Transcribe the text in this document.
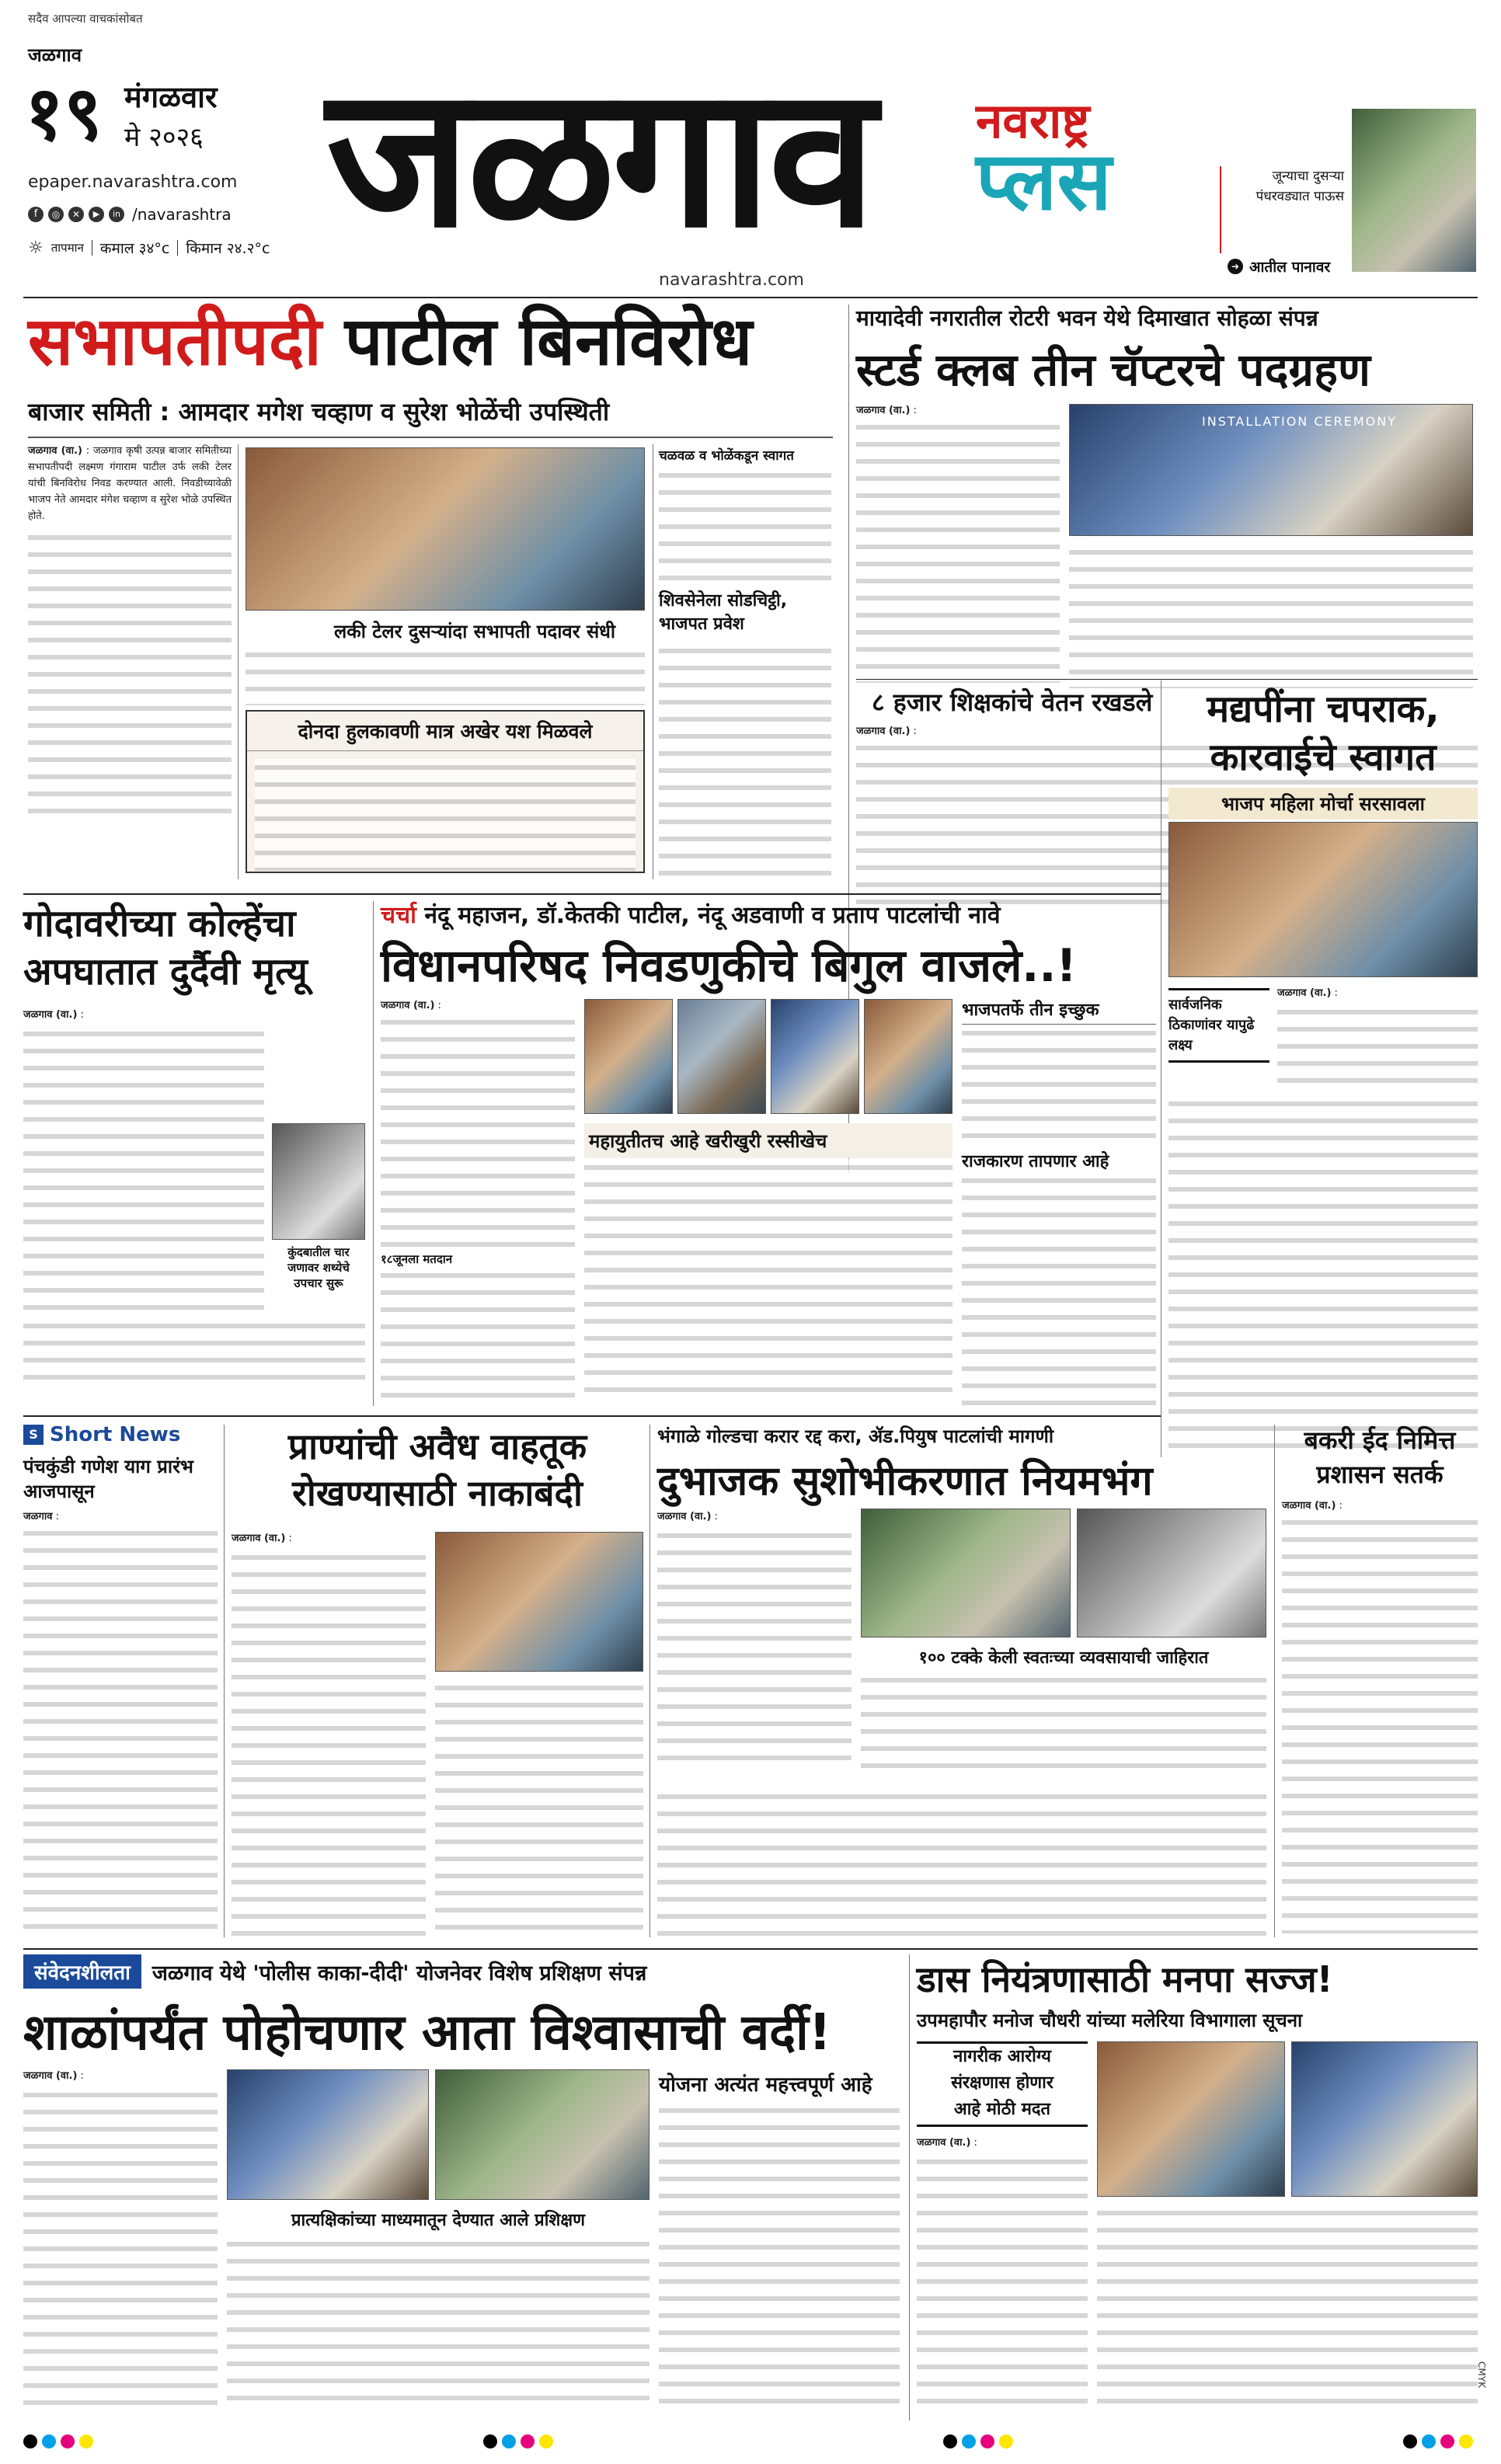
सदैव आपल्या वाचकांसोबत
जळगाव
१९ मंगळवार
मे २०२६
epaper.navarashtra.com
f	◎	✕	▶	in /navarashtra
☼ तापमान कमाल ३४°c किमान २४.२°c जळगाव नवराष्ट्र
प्लस
navarashtra.com
जून्याचा दुसऱ्या पंधरवड्यात पाऊस
➜ आतील पानावर
सभापतीपदी पाटील बिनविरोध
बाजार समिती : आमदार मगेश चव्हाण व सुरेश भोळेंची उपस्थिती

जळगाव (वा.) : जळगाव कृषी उत्पन्न बाजार समितीच्या सभापतीपदी लक्ष्मण गंगाराम पाटील उर्फ लकी टेलर यांची बिनविरोध निवड करण्यात आली. निवडीच्यावेळी भाजप नेते आमदार मंगेश चव्हाण व सुरेश भोळे उपस्थित होते.

लकी टेलर दुसऱ्यांदा सभापती पदावर संधी
दोनदा हुलकावणी मात्र अखेर यश मिळवले
चळवळ व भोळेंकडून स्वागत
शिवसेनेला सोडचिट्ठी, भाजपत प्रवेश
मायादेवी नगरातील रोटरी भवन येथे दिमाखात सोहळा संपन्न
स्टर्ड क्लब तीन चॅप्टरचे पदग्रहण

जळगाव (वा.) :

INSTALLATION CEREMONY
८ हजार शिक्षकांचे वेतन रखडले

जळगाव (वा.) :

मद्यपींना चपराक,
कारवाईचे स्वागत
भाजप महिला मोर्चा सरसावला
सार्वजनिक ठिकाणांवर यापुढे लक्ष्य

जळगाव (वा.) :

गोदावरीच्या कोल्हेंचा
अपघातात दुर्दैवी मृत्यू

जळगाव (वा.) :

कुंदबातील चार
जणावर शथ्येचे
उपचार सुरू
चर्चा नंदू महाजन, डॉ.केतकी पाटील, नंदू अडवाणी व प्रताप पाटलांची नावे
विधानपरिषद निवडणुकीचे बिगुल वाजले..!

जळगाव (वा.) :

१८जूनला मतदान
महायुतीतच आहे खरीखुरी रस्सीखेच
भाजपतर्फे तीन इच्छुक
राजकारण तापणार आहे
S Short News
पंचकुंडी गणेश याग प्रारंभ आजपासून

जळगाव :

प्राण्यांची अवैध वाहतूक
रोखण्यासाठी नाकाबंदी

जळगाव (वा.) :

भंगाळे गोल्डचा करार रद्द करा, ॲड.पियुष पाटलांची मागणी
दुभाजक सुशोभीकरणात नियमभंग

जळगाव (वा.) :

१०० टक्के केली स्वतःच्या व्यवसायाची जाहिरात
बकरी ईद निमित्त
प्रशासन सतर्क

जळगाव (वा.) :

संवेदनशीलता	जळगाव येथे 'पोलीस काका-दीदी' योजनेवर विशेष प्रशिक्षण संपन्न
शाळांपर्यंत पोहोचणार आता विश्वासाची वर्दी!

जळगाव (वा.) :

प्रात्यक्षिकांच्या माध्यमातून देण्यात आले प्रशिक्षण
योजना अत्यंत महत्त्वपूर्ण आहे
डास नियंत्रणासाठी मनपा सज्ज!
उपमहापौर मनोज चौधरी यांच्या मलेरिया विभागाला सूचना
नागरीक आरोग्य
संरक्षणास होणार
आहे मोठी मदत

जळगाव (वा.) :

CMYK
